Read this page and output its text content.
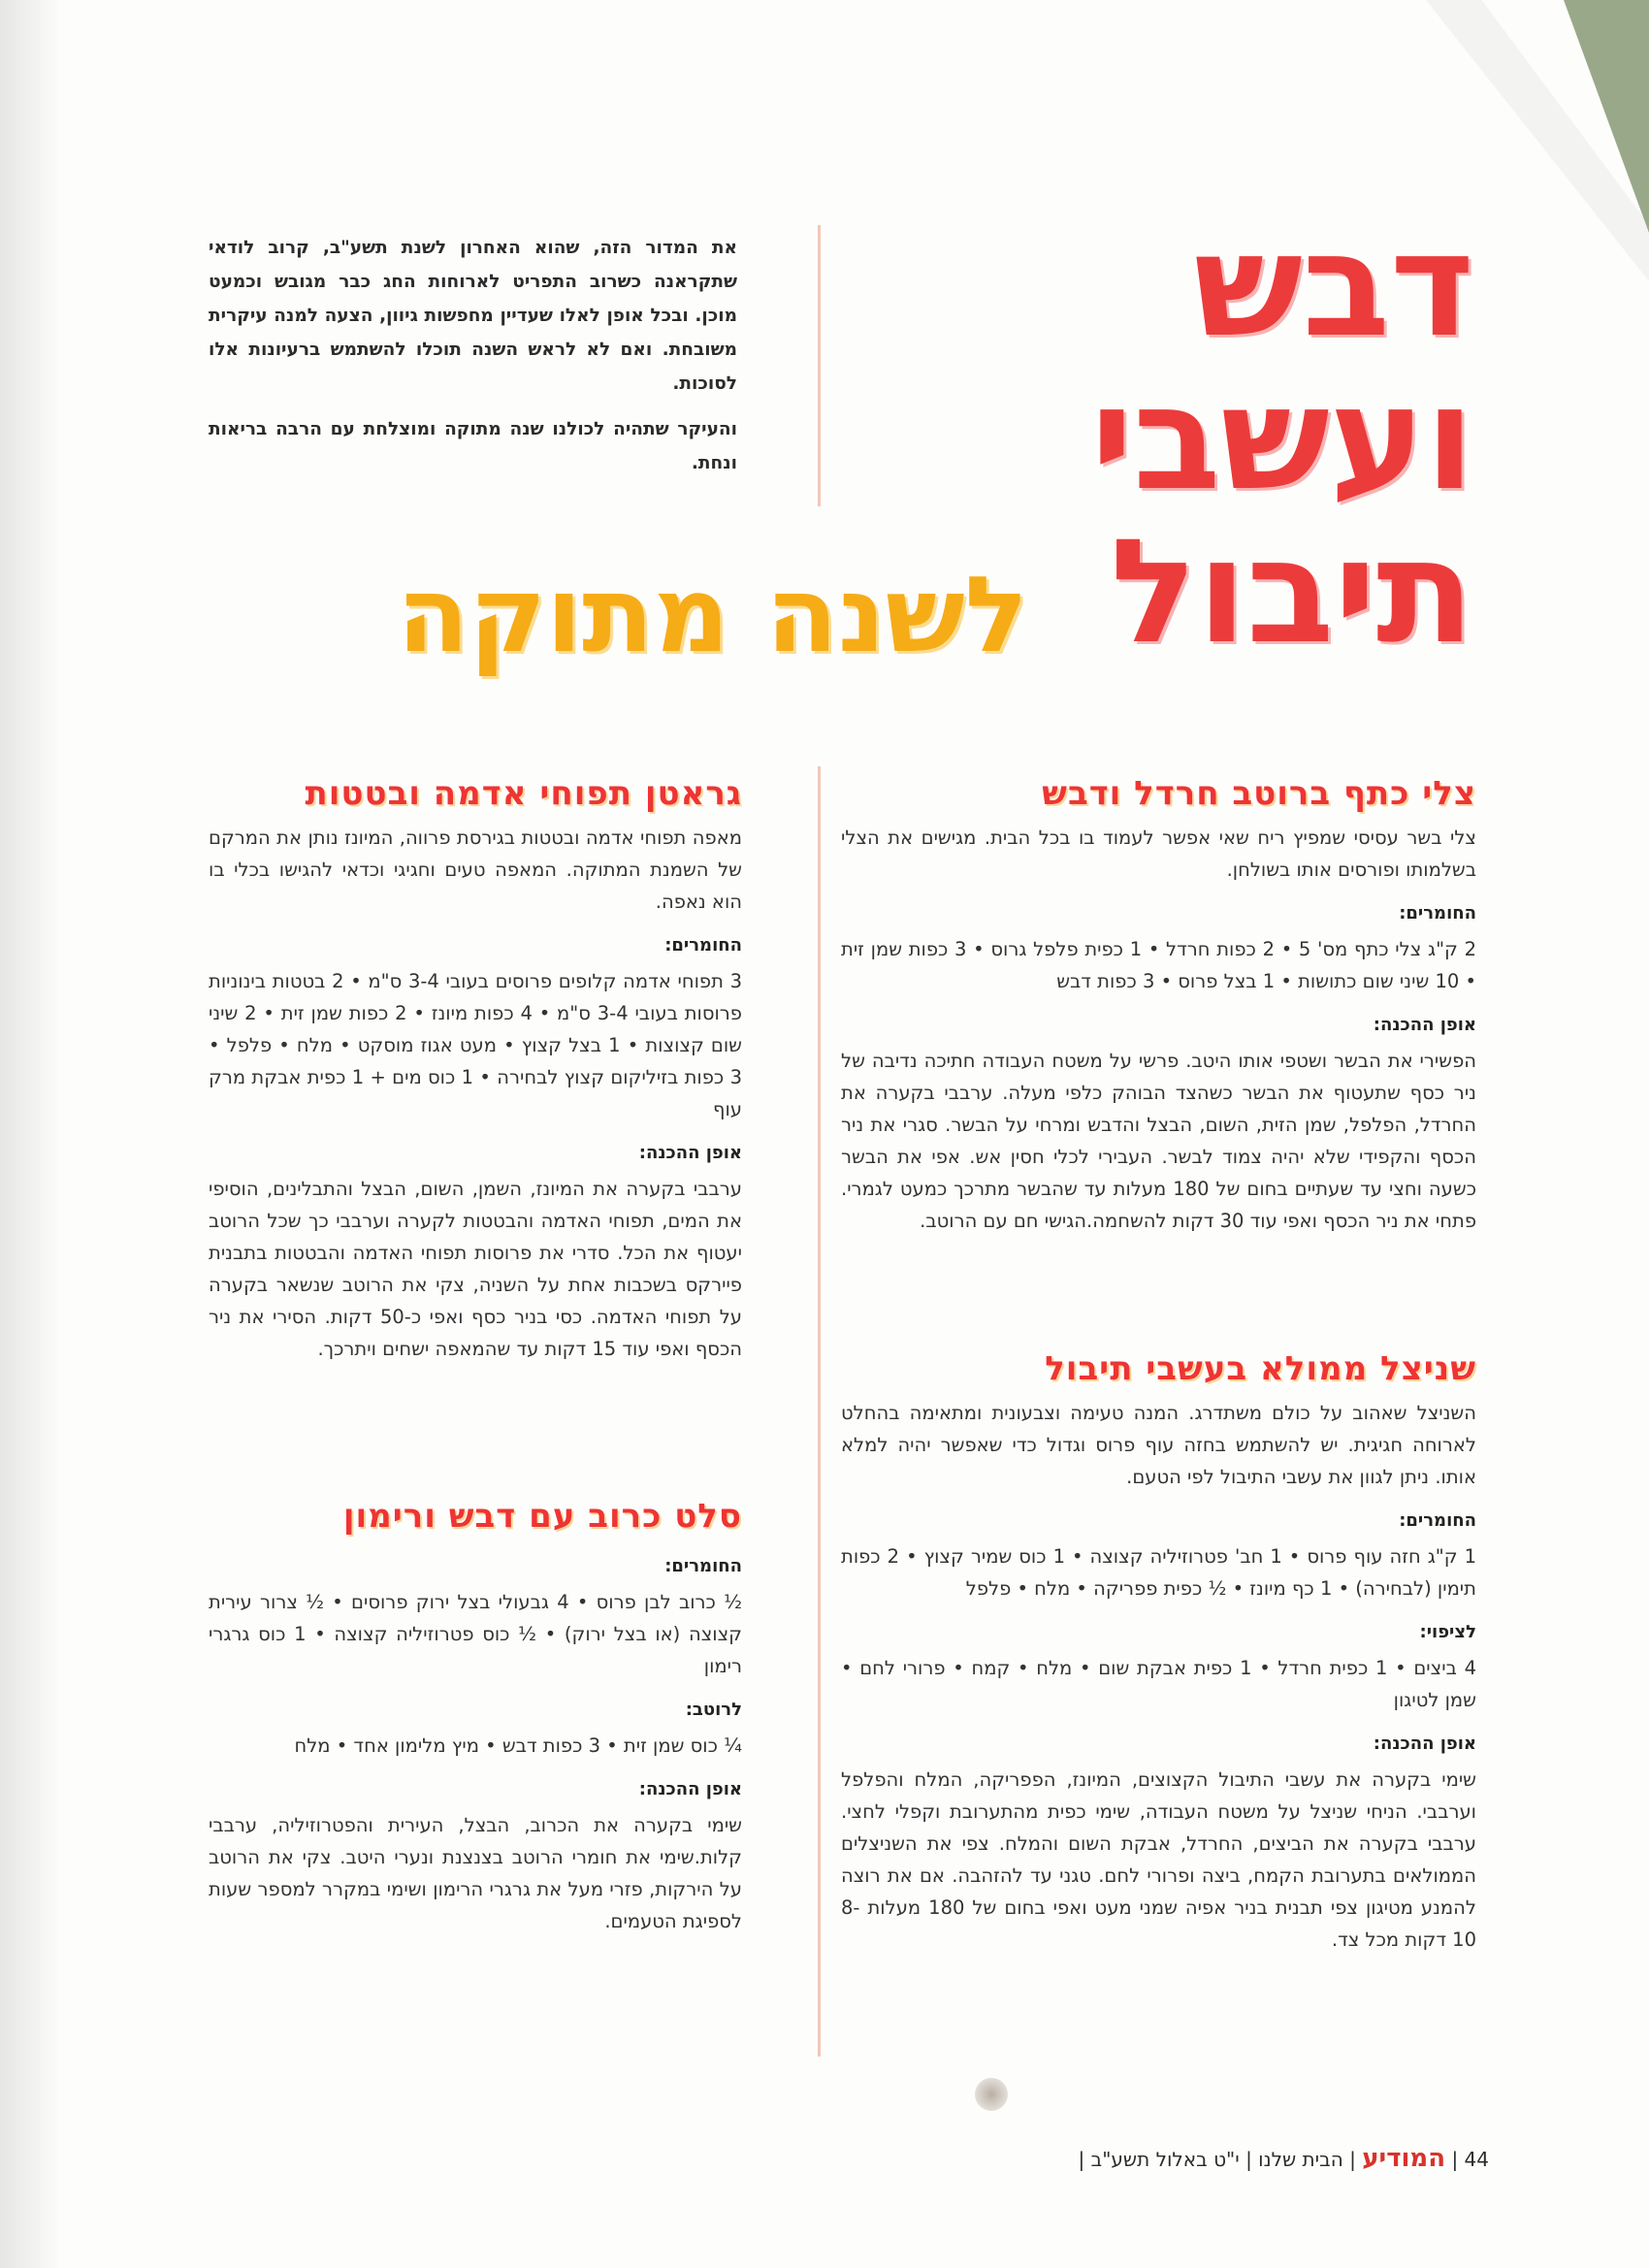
דבש
ועשבי
תיבול
לשנה מתוקה

את המדור הזה, שהוא האחרון לשנת תשע"ב, קרוב לודאי שתקראנה כשרוב התפריט לארוחות החג כבר מגובש וכמעט מוכן. ובכל אופן לאלו שעדיין מחפשות גיוון, הצעה למנה עיקרית משובחת. ואם לא לראש השנה תוכלו להשתמש ברעיונות אלו לסוכות.

והעיקר שתהיה לכולנו שנה מתוקה ומוצלחת עם הרבה בריאות ונחת.

צלי כתף ברוטב חרדל ודבש

צלי בשר עסיסי שמפיץ ריח שאי אפשר לעמוד בו בכל הבית. מגישים את הצלי בשלמותו ופורסים אותו בשולחן.

החומרים:

2 ק"ג צלי כתף מס' 5 • 2 כפות חרדל • 1 כפית פלפל גרוס • 3 כפות שמן זית • 10 שיני שום כתושות • 1 בצל פרוס • 3 כפות דבש

אופן ההכנה:

הפשירי את הבשר ושטפי אותו היטב. פרשי על משטח העבודה חתיכה נדיבה של ניר כסף שתעטוף את הבשר כשהצד הבוהק כלפי מעלה. ערבבי בקערה את החרדל, הפלפל, שמן הזית, השום, הבצל והדבש ומרחי על הבשר. סגרי את ניר הכסף והקפידי שלא יהיה צמוד לבשר. העבירי לכלי חסין אש. אפי את הבשר כשעה וחצי עד שעתיים בחום של 180 מעלות עד שהבשר מתרכך כמעט לגמרי. פתחי את ניר הכסף ואפי עוד 30 דקות להשחמה.הגישי חם עם הרוטב.

שניצל ממולא בעשבי תיבול

השניצל שאהוב על כולם משתדרג. המנה טעימה וצבעונית ומתאימה בהחלט לארוחה חגיגית. יש להשתמש בחזה עוף פרוס וגדול כדי שאפשר יהיה למלא אותו. ניתן לגוון את עשבי התיבול לפי הטעם.

החומרים:

1 ק"ג חזה עוף פרוס • 1 חב' פטרוזיליה קצוצה • 1 כוס שמיר קצוץ • 2 כפות תימין (לבחירה) • 1 כף מיונז • ½ כפית פפריקה • מלח • פלפל

לציפוי:

4 ביצים • 1 כפית חרדל • 1 כפית אבקת שום • מלח • קמח • פרורי לחם • שמן לטיגון

אופן ההכנה:

שימי בקערה את עשבי התיבול הקצוצים, המיונז, הפפריקה, המלח והפלפל וערבבי. הניחי שניצל על משטח העבודה, שימי כפית מהתערובת וקפלי לחצי. ערבבי בקערה את הביצים, החרדל, אבקת השום והמלח. צפי את השניצלים הממולאים בתערובת הקמח, ביצה ופרורי לחם. טגני עד להזהבה. אם את רוצה להמנע מטיגון צפי תבנית בניר אפיה שמני מעט ואפי בחום של 180 מעלות 8-10 דקות מכל צד.

גראטן תפוחי אדמה ובטטות

מאפה תפוחי אדמה ובטטות בגירסת פרווה, המיונז נותן את המרקם של השמנת המתוקה. המאפה טעים וחגיגי וכדאי להגישו בכלי בו הוא נאפה.

החומרים:

3 תפוחי אדמה קלופים פרוסים בעובי 3-4 ס"מ • 2 בטטות בינוניות פרוסות בעובי 3-4 ס"מ • 4 כפות מיונז • 2 כפות שמן זית • 2 שיני שום קצוצות • 1 בצל קצוץ • מעט אגוז מוסקט • מלח • פלפל • 3 כפות בזיליקום קצוץ לבחירה • 1 כוס מים + 1 כפית אבקת מרק עוף

אופן ההכנה:

ערבבי בקערה את המיונז, השמן, השום, הבצל והתבלינים, הוסיפי את המים, תפוחי האדמה והבטטות לקערה וערבבי כך שכל הרוטב יעטוף את הכל. סדרי את פרוסות תפוחי האדמה והבטטות בתבנית פיירקס בשכבות אחת על השניה, צקי את הרוטב שנשאר בקערה על תפוחי האדמה. כסי בניר כסף ואפי כ-50 דקות. הסירי את ניר הכסף ואפי עוד 15 דקות עד שהמאפה ישחים ויתרכך.

סלט כרוב עם דבש ורימון

החומרים:

½ כרוב לבן פרוס • 4 גבעולי בצל ירוק פרוסים • ½ צרור עירית קצוצה (או בצל ירוק) • ½ כוס פטרוזיליה קצוצה • 1 כוס גרגרי רימון

לרוטב:

¼ כוס שמן זית • 3 כפות דבש • מיץ מלימון אחד • מלח

אופן ההכנה:

שימי בקערה את הכרוב, הבצל, העירית והפטרוזיליה, ערבבי קלות.שימי את חומרי הרוטב בצנצנת ונערי היטב. צקי את הרוטב על הירקות, פזרי מעל את גרגרי הרימון ושימי במקרר למספר שעות לספיגת הטעמים.

44 | המודיע | הבית שלנו | י"ט באלול תשע"ב |
